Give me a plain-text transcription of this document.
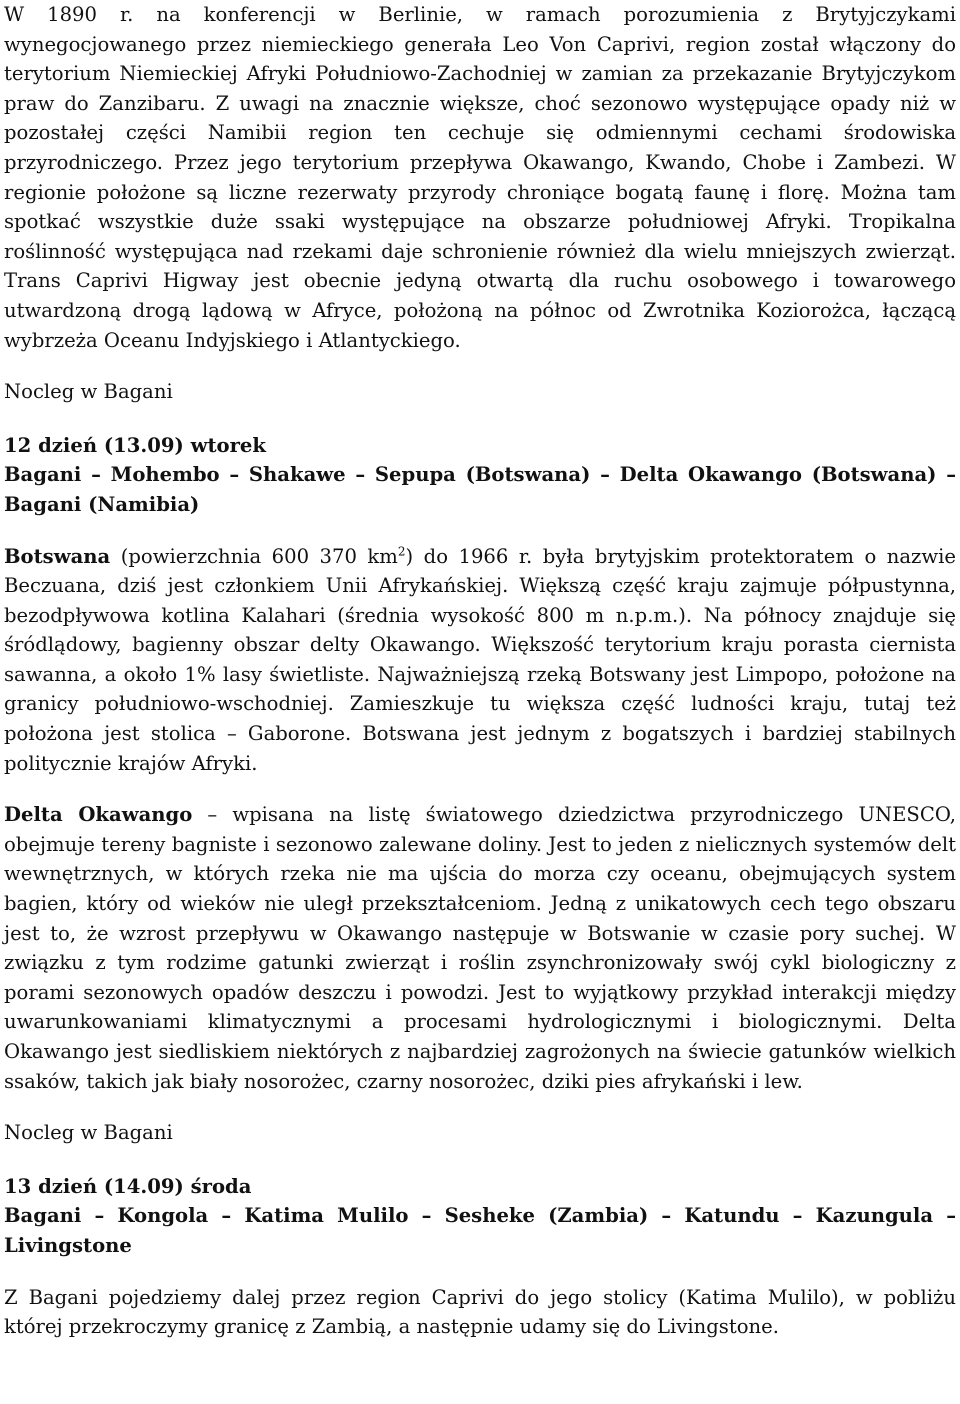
W 1890 r. na konferencji w Berlinie, w ramach porozumienia z Brytyjczykami wynegocjowanego przez niemieckiego generała Leo Von Caprivi, region został włączony do terytorium Niemieckiej Afryki Południowo-Zachodniej w zamian za przekazanie Brytyjczykom praw do Zanzibaru. Z uwagi na znacznie większe, choć sezonowo występujące opady niż w pozostałej części Namibii region ten cechuje się odmiennymi cechami środowiska przyrodniczego. Przez jego terytorium przepływa Okawango, Kwando, Chobe i Zambezi. W regionie położone są liczne rezerwaty przyrody chroniące bogatą faunę i florę. Można tam spotkać wszystkie duże ssaki występujące na obszarze południowej Afryki. Tropikalna roślinność występująca nad rzekami daje schronienie również dla wielu mniejszych zwierząt. Trans Caprivi Higway jest obecnie jedyną otwartą dla ruchu osobowego i towarowego utwardzoną drogą lądową w Afryce, położoną na północ od Zwrotnika Koziorożca, łączącą wybrzeża Oceanu Indyjskiego i Atlantyckiego.

Nocleg w Bagani

12 dzień (13.09) wtorek

Bagani – Mohembo – Shakawe – Sepupa (Botswana) – Delta Okawango (Botswana) – Bagani (Namibia)

Botswana (powierzchnia 600 370 $km^2$) do 1966 r. była brytyjskim protektoratem o nazwie Beczuana, dziś jest członkiem Unii Afrykańskiej. Większą część kraju zajmuje półpustynna, bezodpływowa kotlina Kalahari (średnia wysokość 800 m n.p.m.). Na północy znajduje się śródlądowy, bagienny obszar delty Okawango. Większość terytorium kraju porasta ciernista sawanna, a około 1% lasy świetliste. Najważniejszą rzeką Botswany jest Limpopo, położone na granicy południowo-wschodniej. Zamieszkuje tu większa część ludności kraju, tutaj też położona jest stolica – Gaborone. Botswana jest jednym z bogatszych i bardziej stabilnych politycznie krajów Afryki.

Delta Okawango – wpisana na listę światowego dziedzictwa przyrodniczego UNESCO, obejmuje tereny bagniste i sezonowo zalewane doliny. Jest to jeden z nielicznych systemów delt wewnętrznych, w których rzeka nie ma ujścia do morza czy oceanu, obejmujących system bagien, który od wieków nie uległ przekształceniom. Jedną z unikatowych cech tego obszaru jest to, że wzrost przepływu w Okawango następuje w Botswanie w czasie pory suchej. W związku z tym rodzime gatunki zwierząt i roślin zsynchronizowały swój cykl biologiczny z porami sezonowych opadów deszczu i powodzi. Jest to wyjątkowy przykład interakcji między uwarunkowaniami klimatycznymi a procesami hydrologicznymi i biologicznymi. Delta Okawango jest siedliskiem niektórych z najbardziej zagrożonych na świecie gatunków wielkich ssaków, takich jak biały nosorożec, czarny nosorożec, dziki pies afrykański i lew.

Nocleg w Bagani

13 dzień (14.09) środa

Bagani – Kongola – Katima Mulilo – Sesheke (Zambia) – Katundu – Kazungula – Livingstone

Z Bagani pojedziemy dalej przez region Caprivi do jego stolicy (Katima Mulilo), w pobliżu której przekroczymy granicę z Zambią, a następnie udamy się do Livingstone.
